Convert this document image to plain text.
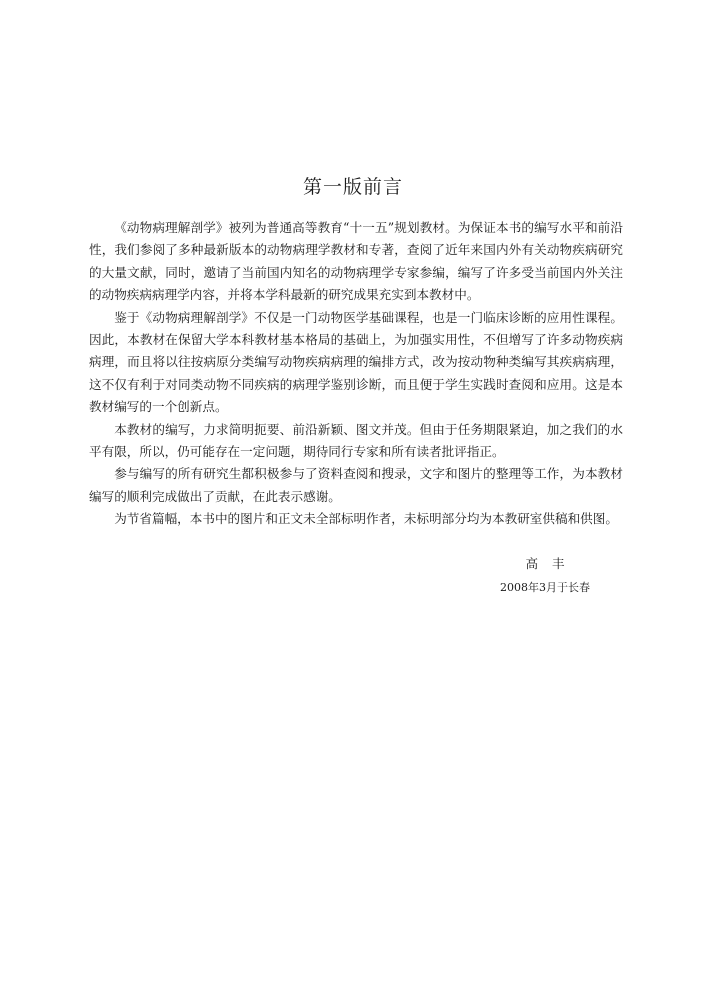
第一版前言

《动物病理解剖学》被列为普通高等教育“十一五”规划教材。为保证本书的编写水平和前沿性，我们参阅了多种最新版本的动物病理学教材和专著，查阅了近年来国内外有关动物疾病研究的大量文献，同时，邀请了当前国内知名的动物病理学专家参编，编写了许多受当前国内外关注的动物疾病病理学内容，并将本学科最新的研究成果充实到本教材中。

鉴于《动物病理解剖学》不仅是一门动物医学基础课程，也是一门临床诊断的应用性课程。因此，本教材在保留大学本科教材基本格局的基础上，为加强实用性，不但增写了许多动物疾病病理，而且将以往按病原分类编写动物疾病病理的编排方式，改为按动物种类编写其疾病病理，这不仅有利于对同类动物不同疾病的病理学鉴别诊断，而且便于学生实践时查阅和应用。这是本教材编写的一个创新点。

本教材的编写，力求简明扼要、前沿新颖、图文并茂。但由于任务期限紧迫，加之我们的水平有限，所以，仍可能存在一定问题，期待同行专家和所有读者批评指正。

参与编写的所有研究生都积极参与了资料查阅和搜录，文字和图片的整理等工作，为本教材编写的顺利完成做出了贡献，在此表示感谢。

为节省篇幅，本书中的图片和正文未全部标明作者，未标明部分均为本教研室供稿和供图。

高丰
2008年3月于长春
